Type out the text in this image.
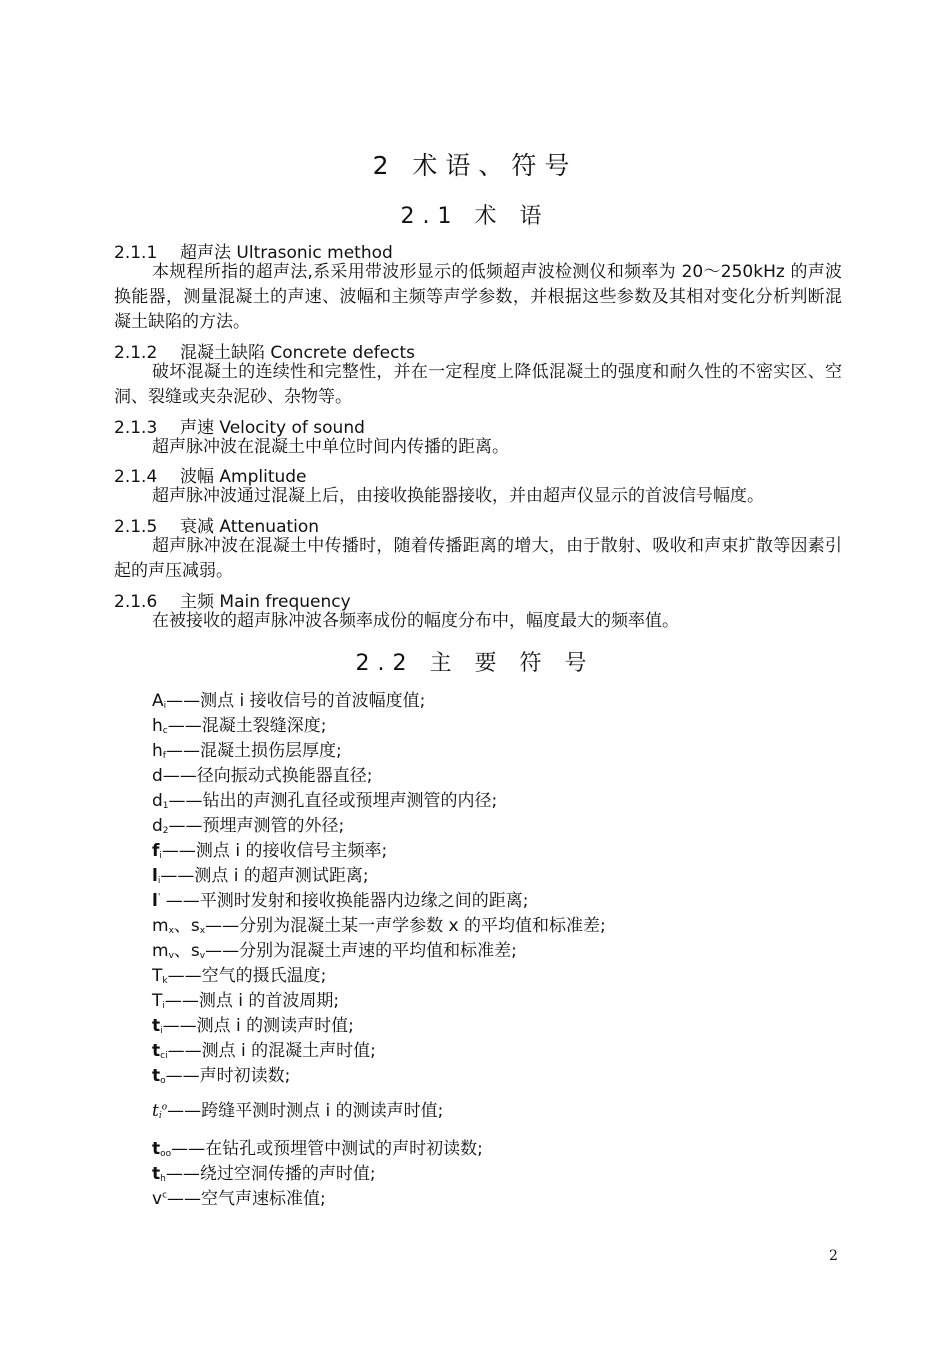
2 术语、符号
2.1 术 语
2.1.1 超声法 Ultrasonic method
本规程所指的超声法,系采用带波形显示的低频超声波检测仪和频率为 20～250kHz 的声波换能器，测量混凝土的声速、波幅和主频等声学参数，并根据这些参数及其相对变化分析判断混凝土缺陷的方法。
2.1.2 混凝土缺陷 Concrete defects
破坏混凝土的连续性和完整性，并在一定程度上降低混凝土的强度和耐久性的不密实区、空洞、裂缝或夹杂泥砂、杂物等。
2.1.3 声速 Velocity of sound
超声脉冲波在混凝土中单位时间内传播的距离。
2.1.4 波幅 Amplitude
超声脉冲波通过混凝上后，由接收换能器接收，并由超声仪显示的首波信号幅度。
2.1.5 衰减 Attenuation
超声脉冲波在混凝土中传播时，随着传播距离的增大，由于散射、吸收和声束扩散等因素引起的声压减弱。
2.1.6 主频 Main frequency
在被接收的超声脉冲波各频率成份的幅度分布中，幅度最大的频率值。
2.2 主 要 符 号
$A_i——$测点 i 接收信号的首波幅度值;
$h_c——$混凝土裂缝深度;
$h_f——$混凝土损伤层厚度;
d——径向振动式换能器直径;
$d_1——$钻出的声测孔直径或预埋声测管的内径;
$d_2——$预埋声测管的外径;
$f_i——$测点 i 的接收信号主频率;
$l_i——$测点 i 的超声测试距离;
l' ——平测时发射和接收换能器内边缘之间的距离;
$m_x$、$s_x——$分别为混凝土某一声学参数 x 的平均值和标准差;
$m_v$、$s_v——$分别为混凝土声速的平均值和标准差;
$T_k——$空气的摄氏温度;
$T_i——$测点 i 的首波周期;
$t_i——$测点 i 的测读声时值;
$t_{ci}——$测点 i 的混凝土声时值;
$t_o——$声时初读数;
$t_i^o——$跨缝平测时测点 i 的测读声时值;
$t_{oo}——$在钻孔或预埋管中测试的声时初读数;
$t_h——$绕过空洞传播的声时值;
$v^c——$空气声速标准值;
2
